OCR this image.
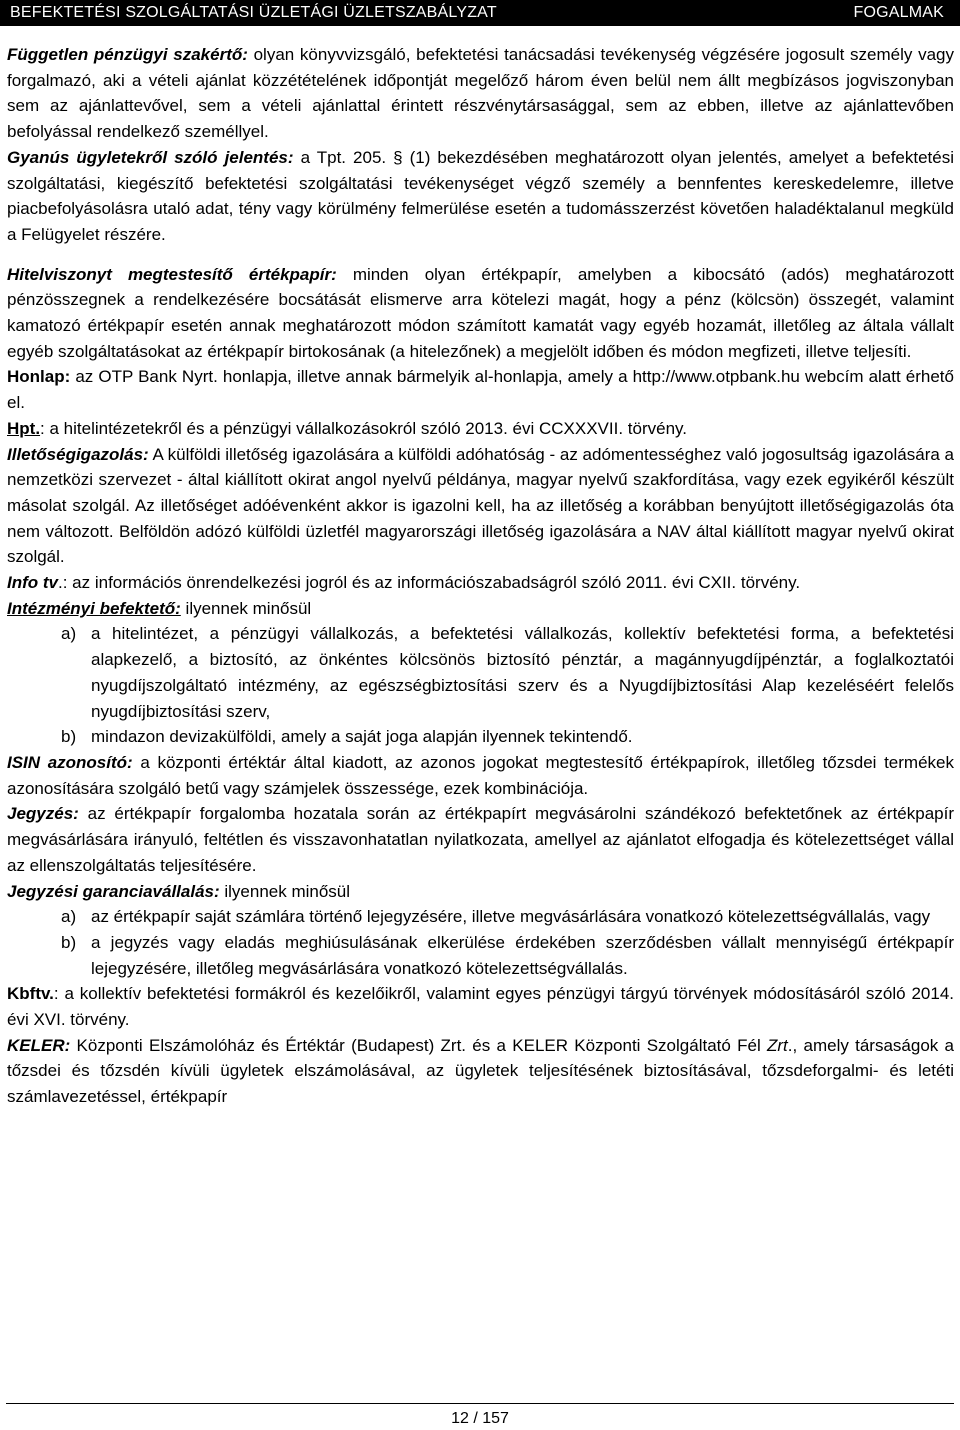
BEFEKTETÉSI SZOLGÁLTATÁSI ÜZLETÁGI ÜZLETSZABÁLYZAT	FOGALMAK

Független pénzügyi szakértő: olyan könyvvizsgáló, befektetési tanácsadási tevékenység végzésére jogosult személy vagy forgalmazó, aki a vételi ajánlat közzétételének időpontját megelőző három éven belül nem állt megbízásos jogviszonyban sem az ajánlattevővel, sem a vételi ajánlattal érintett részvénytársasággal, sem az ebben, illetve az ajánlattevőben befolyással rendelkező személlyel.

Gyanús ügyletekről szóló jelentés: a Tpt. 205. § (1) bekezdésében meghatározott olyan jelentés, amelyet a befektetési szolgáltatási, kiegészítő befektetési szolgáltatási tevékenységet végző személy a bennfentes kereskedelemre, illetve piacbefolyásolásra utaló adat, tény vagy körülmény felmerülése esetén a tudomásszerzést követően haladéktalanul megküld a Felügyelet részére.

Hitelviszonyt megtestesítő értékpapír: minden olyan értékpapír, amelyben a kibocsátó (adós) meghatározott pénzösszegnek a rendelkezésére bocsátását elismerve arra kötelezi magát, hogy a pénz (kölcsön) összegét, valamint kamatozó értékpapír esetén annak meghatározott módon számított kamatát vagy egyéb hozamát, illetőleg az általa vállalt egyéb szolgáltatásokat az értékpapír birtokosának (a hitelezőnek) a megjelölt időben és módon megfizeti, illetve teljesíti.

Honlap: az OTP Bank Nyrt. honlapja, illetve annak bármelyik al-honlapja, amely a http://www.otpbank.hu webcím alatt érhető el.

Hpt.: a hitelintézetekről és a pénzügyi vállalkozásokról szóló 2013. évi CCXXXVII. törvény.

Illetőségigazolás: A külföldi illetőség igazolására a külföldi adóhatóság - az adómentességhez való jogosultság igazolására a nemzetközi szervezet - által kiállított okirat angol nyelvű példánya, magyar nyelvű szakfordítása, vagy ezek egyikéről készült másolat szolgál. Az illetőséget adóévenként akkor is igazolni kell, ha az illetőség a korábban benyújtott illetőségigazolás óta nem változott. Belföldön adózó külföldi üzletfél magyarországi illetőség igazolására a NAV által kiállított magyar nyelvű okirat szolgál.

Info tv.: az információs önrendelkezési jogról és az információszabadságról szóló 2011. évi CXII. törvény.

Intézményi befektető: ilyennek minősül

a) a hitelintézet, a pénzügyi vállalkozás, a befektetési vállalkozás, kollektív befektetési forma, a befektetési alapkezelő, a biztosító, az önkéntes kölcsönös biztosító pénztár, a magánnyugdíjpénztár, a foglalkoztatói nyugdíjszolgáltató intézmény, az egészségbiztosítási szerv és a Nyugdíjbiztosítási Alap kezeléséért felelős nyugdíjbiztosítási szerv,
b) mindazon devizakülföldi, amely a saját joga alapján ilyennek tekintendő.

ISIN azonosító: a központi értéktár által kiadott, az azonos jogokat megtestesítő értékpapírok, illetőleg tőzsdei termékek azonosítására szolgáló betű vagy számjelek összessége, ezek kombinációja.

Jegyzés: az értékpapír forgalomba hozatala során az értékpapírt megvásárolni szándékozó befektetőnek az értékpapír megvásárlására irányuló, feltétlen és visszavonhatatlan nyilatkozata, amellyel az ajánlatot elfogadja és kötelezettséget vállal az ellenszolgáltatás teljesítésére.

Jegyzési garanciavállalás: ilyennek minősül

a) az értékpapír saját számlára történő lejegyzésére, illetve megvásárlására vonatkozó kötelezettségvállalás, vagy
b) a jegyzés vagy eladás meghiúsulásának elkerülése érdekében szerződésben vállalt mennyiségű értékpapír lejegyzésére, illetőleg megvásárlására vonatkozó kötelezettségvállalás.

Kbftv.: a kollektív befektetési formákról és kezelőikről, valamint egyes pénzügyi tárgyú törvények módosításáról szóló 2014. évi XVI. törvény.

KELER: Központi Elszámolóház és Értéktár (Budapest) Zrt. és a KELER Központi Szolgáltató Fél Zrt., amely társaságok a tőzsdei és tőzsdén kívüli ügyletek elszámolásával, az ügyletek teljesítésének biztosításával, tőzsdeforgalmi- és letéti számlavezetéssel, értékpapír

12 / 157
